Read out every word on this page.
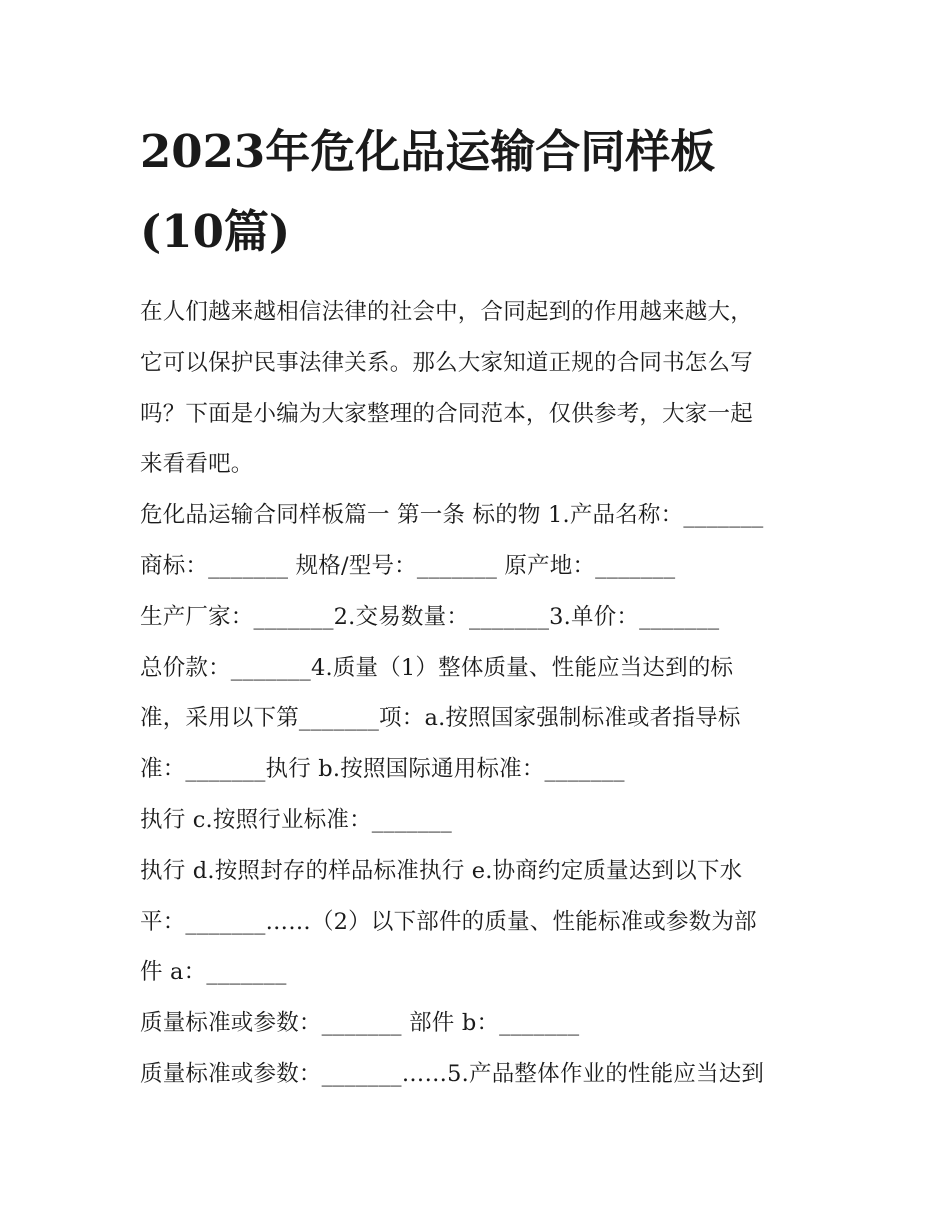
2023年危化品运输合同样板
(10篇)
在人们越来越相信法律的社会中，合同起到的作用越来越大，
它可以保护民事法律关系。那么大家知道正规的合同书怎么写
吗？下面是小编为大家整理的合同范本，仅供参考，大家一起
来看看吧。
危化品运输合同样板篇一 第一条 标的物 1.产品名称：_______
商标：_______ 规格/型号：_______ 原产地：_______
生产厂家：_______2.交易数量：_______3.单价：_______
总价款：_______4.质量（1）整体质量、性能应当达到的标
准，采用以下第_______项：a.按照国家强制标准或者指导标
准：_______执行 b.按照国际通用标准：_______
执行 c.按照行业标准：_______
执行 d.按照封存的样品标准执行 e.协商约定质量达到以下水
平：_______……（2）以下部件的质量、性能标准或参数为部
件 a：_______
质量标准或参数：_______ 部件 b：_______
质量标准或参数：_______……5.产品整体作业的性能应当达到
